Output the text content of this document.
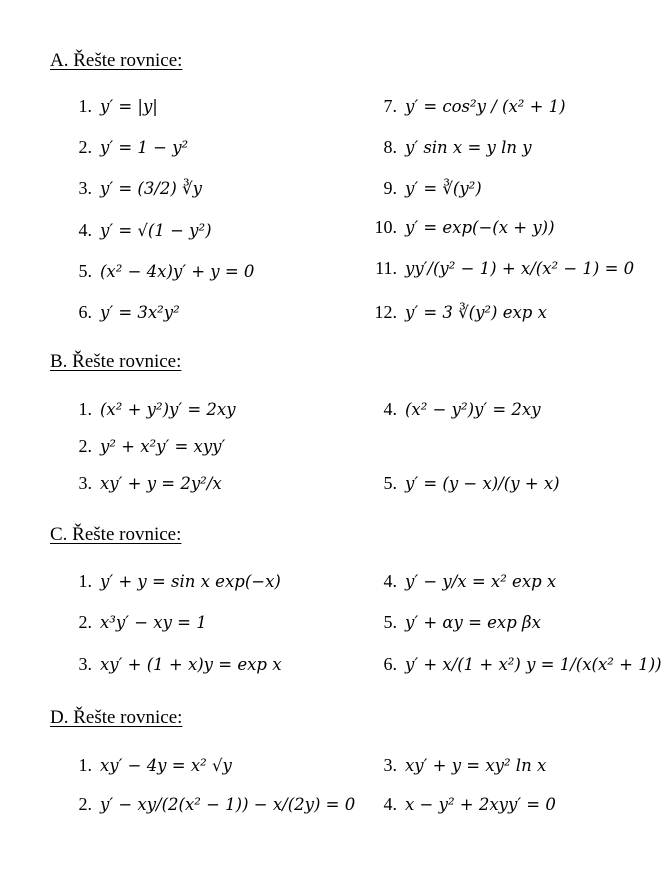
A. Řešte rovnice:
1. y′ = |y|
2. y′ = 1 − y²
3. y′ = (3/2) ∛y
4. y′ = √(1 − y²)
5. (x² − 4x)y′ + y = 0
6. y′ = 3x²y²
7. y′ = cos²y / (x² + 1)
8. y′ sin x = y ln y
9. y′ = ∛(y²)
10. y′ = exp(−(x + y))
11. yy′/(y² − 1) + x/(x² − 1) = 0
12. y′ = 3 ∛(y²) exp x
B. Řešte rovnice:
1. (x² + y²)y′ = 2xy
2. y² + x²y′ = xyy′
3. xy′ + y = 2y²/x
4. (x² − y²)y′ = 2xy
5. y′ = (y − x)/(y + x)
C. Řešte rovnice:
1. y′ + y = sin x exp(−x)
2. x³y′ − xy = 1
3. xy′ + (1 + x)y = exp x
4. y′ − y/x = x² exp x
5. y′ + αy = exp βx
6. y′ + x/(1 + x²) y = 1/(x(x² + 1))
D. Řešte rovnice:
1. xy′ − 4y = x² √y
2. y′ − xy/(2(x² − 1)) − x/(2y) = 0
3. xy′ + y = xy² ln x
4. x − y² + 2xyy′ = 0
